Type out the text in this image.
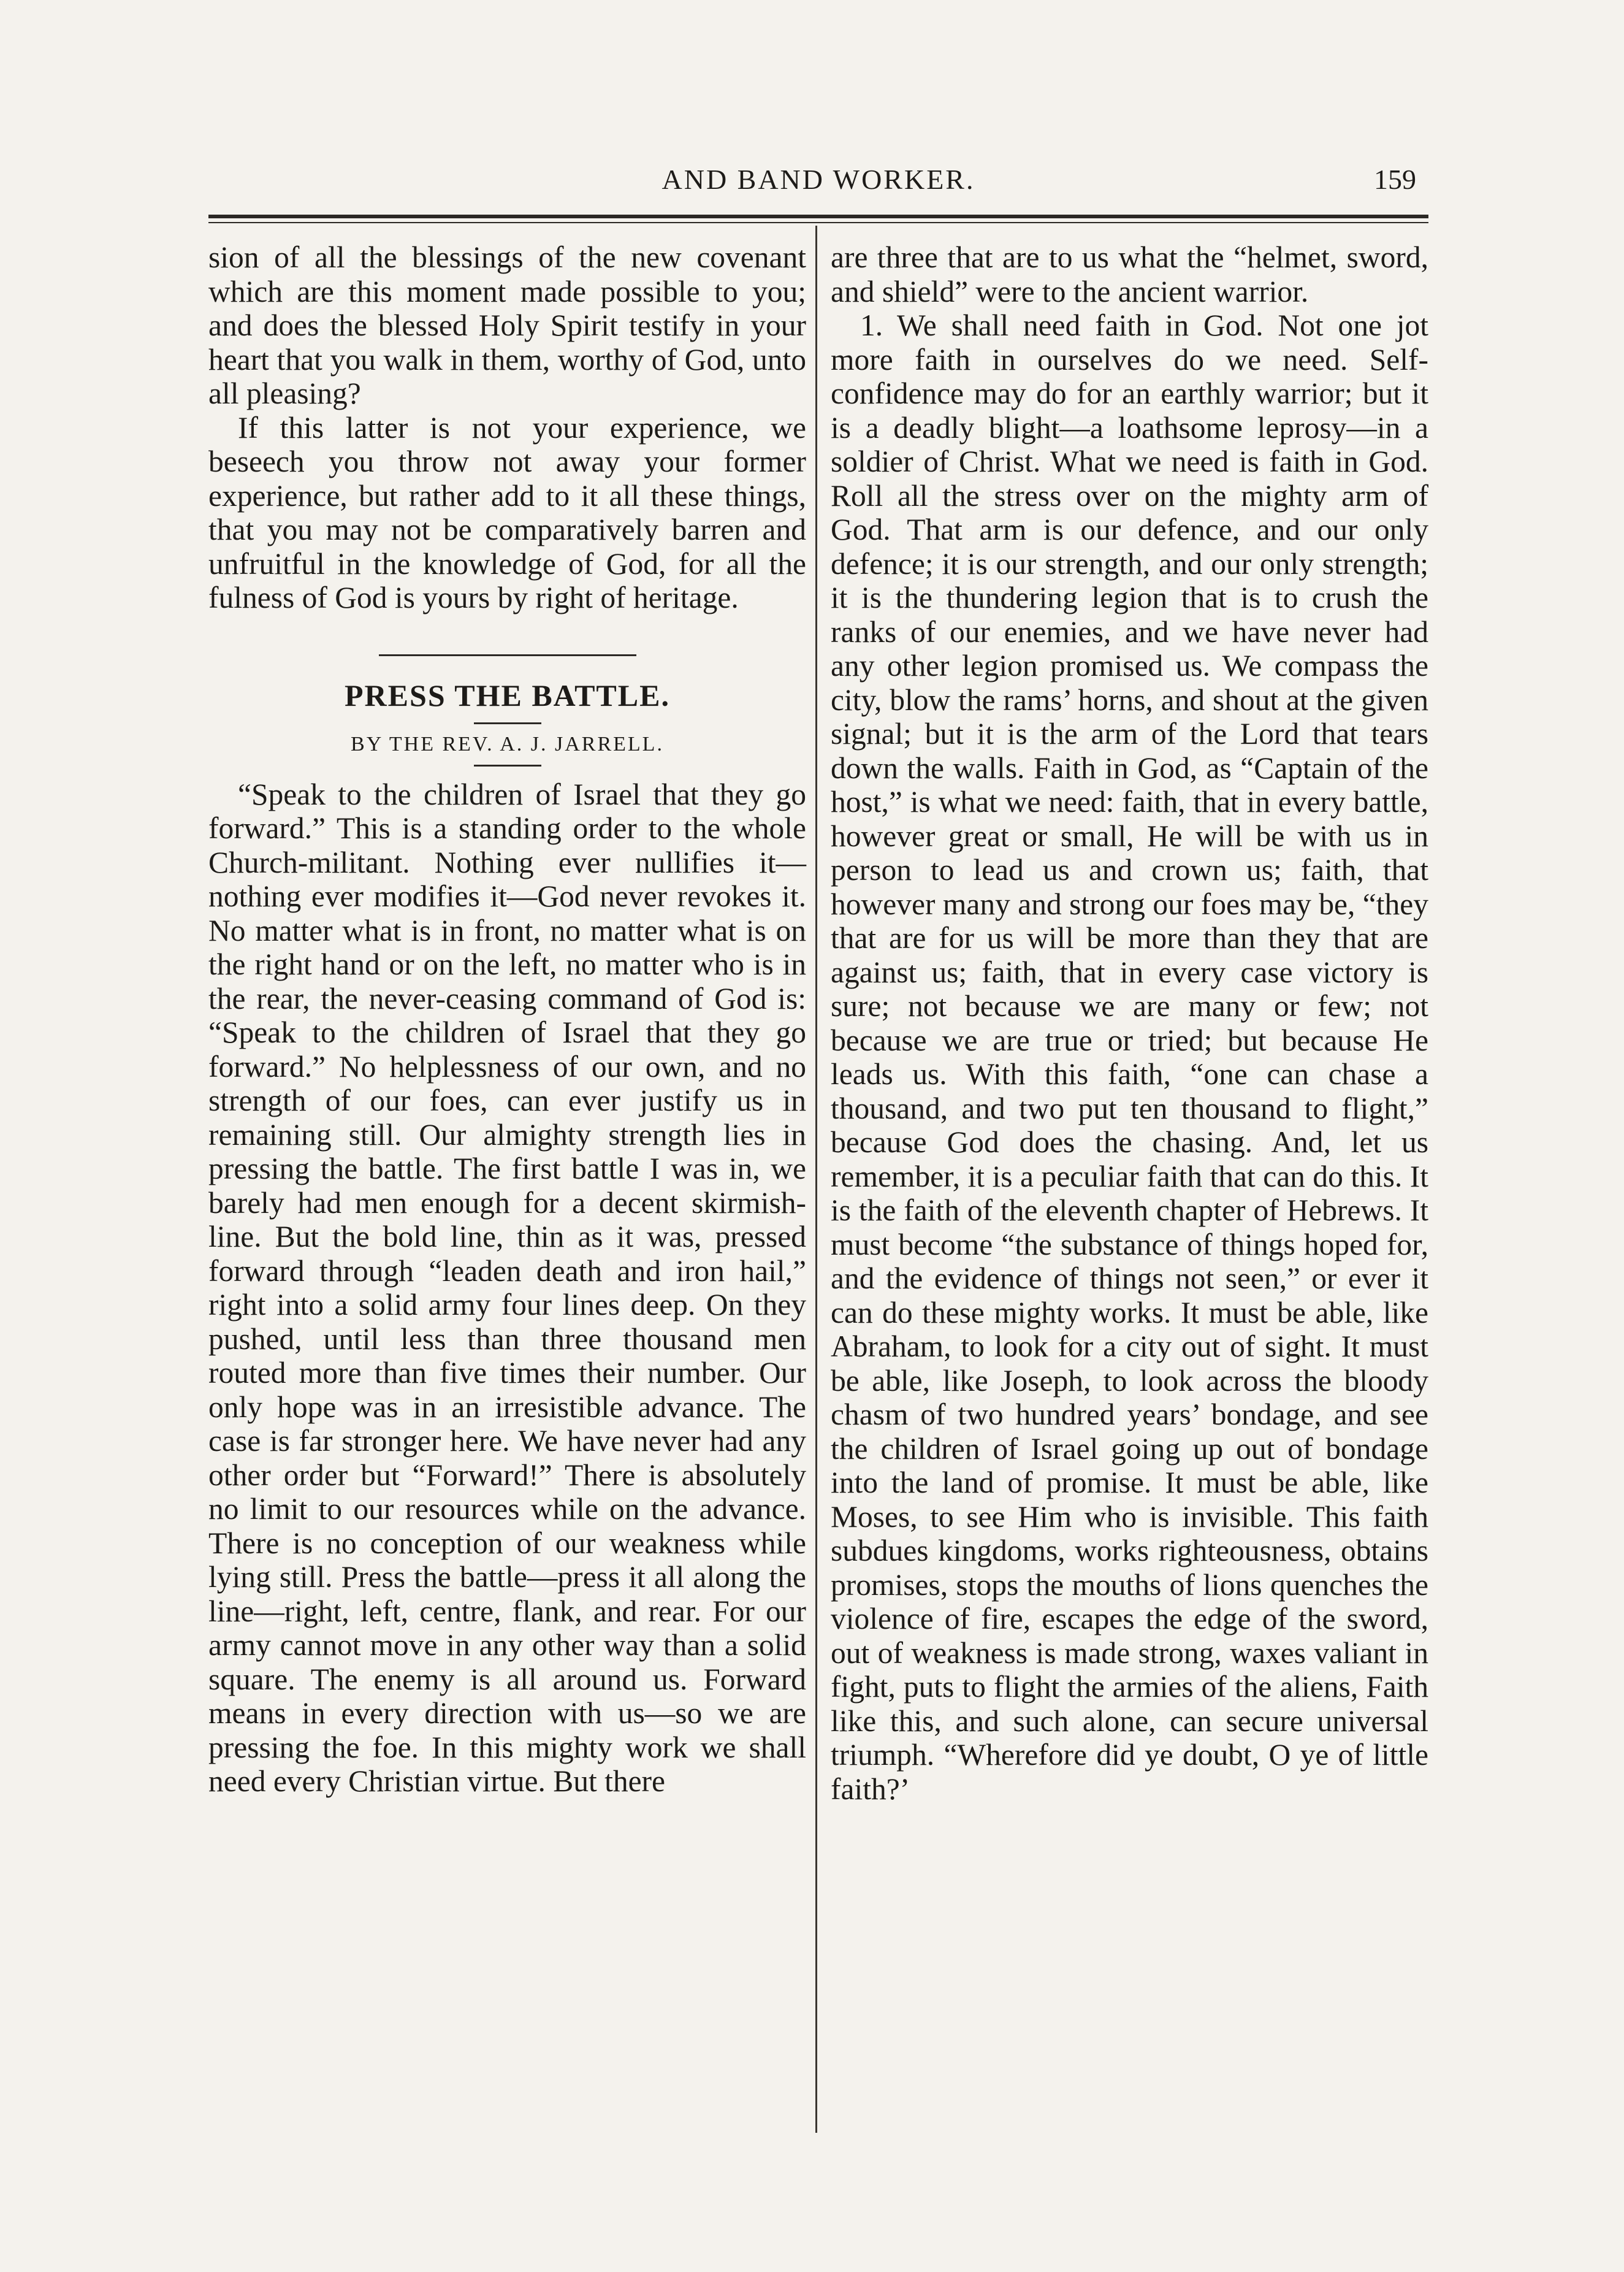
AND BAND WORKER.	159

sion of all the blessings of the new covenant which are this moment made possible to you; and does the blessed Holy Spirit testify in your heart that you walk in them, worthy of God, unto all pleasing?

If this latter is not your experience, we beseech you throw not away your former experience, but rather add to it all these things, that you may not be comparatively barren and unfruitful in the knowledge of God, for all the fulness of God is yours by right of heritage.

PRESS THE BATTLE.

BY THE REV. A. J. JARRELL.

“Speak to the children of Israel that they go forward.” This is a standing order to the whole Church-militant. Nothing ever nullifies it—nothing ever modifies it—God never revokes it. No matter what is in front, no matter what is on the right hand or on the left, no matter who is in the rear, the never-ceasing command of God is: “Speak to the children of Israel that they go forward.” No helplessness of our own, and no strength of our foes, can ever justify us in remaining still. Our almighty strength lies in pressing the battle. The first battle I was in, we barely had men enough for a decent skirmish-line. But the bold line, thin as it was, pressed forward through “leaden death and iron hail,” right into a solid army four lines deep. On they pushed, until less than three thousand men routed more than five times their number. Our only hope was in an irresistible advance. The case is far stronger here. We have never had any other order but “Forward!” There is absolutely no limit to our resources while on the advance. There is no conception of our weakness while lying still. Press the battle—press it all along the line—right, left, centre, flank, and rear. For our army cannot move in any other way than a solid square. The enemy is all around us. Forward means in every direction with us—so we are pressing the foe. In this mighty work we shall need every Christian virtue. But there

are three that are to us what the “helmet, sword, and shield” were to the ancient warrior.

1. We shall need faith in God. Not one jot more faith in ourselves do we need. Self-confidence may do for an earthly warrior; but it is a deadly blight—a loathsome leprosy—in a soldier of Christ. What we need is faith in God. Roll all the stress over on the mighty arm of God. That arm is our defence, and our only defence; it is our strength, and our only strength; it is the thundering legion that is to crush the ranks of our enemies, and we have never had any other legion promised us. We compass the city, blow the rams’ horns, and shout at the given signal; but it is the arm of the Lord that tears down the walls. Faith in God, as “Captain of the host,” is what we need: faith, that in every battle, however great or small, He will be with us in person to lead us and crown us; faith, that however many and strong our foes may be, “they that are for us will be more than they that are against us; faith, that in every case victory is sure; not because we are many or few; not because we are true or tried; but because He leads us. With this faith, “one can chase a thousand, and two put ten thousand to flight,” because God does the chasing. And, let us remember, it is a peculiar faith that can do this. It is the faith of the eleventh chapter of Hebrews. It must become “the substance of things hoped for, and the evidence of things not seen,” or ever it can do these mighty works. It must be able, like Abraham, to look for a city out of sight. It must be able, like Joseph, to look across the bloody chasm of two hundred years’ bondage, and see the children of Israel going up out of bondage into the land of promise. It must be able, like Moses, to see Him who is invisible. This faith subdues kingdoms, works righteousness, obtains promises, stops the mouths of lions quenches the violence of fire, escapes the edge of the sword, out of weakness is made strong, waxes valiant in fight, puts to flight the armies of the aliens, Faith like this, and such alone, can secure universal triumph. “Wherefore did ye doubt, O ye of little faith?’
